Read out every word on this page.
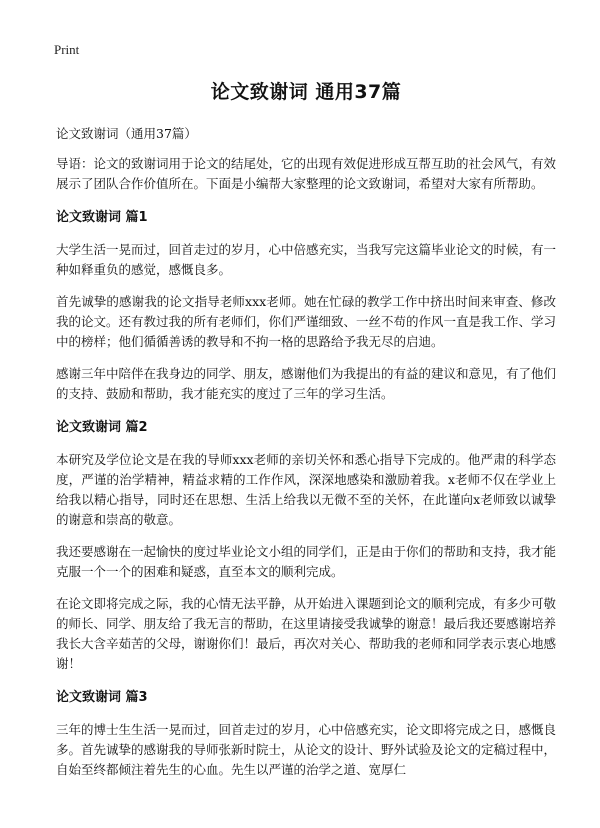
Print
论文致谢词 通用37篇
论文致谢词（通用37篇）

导语：论文的致谢词用于论文的结尾处，它的出现有效促进形成互帮互助的社会风气，有效展示了团队合作价值所在。下面是小编帮大家整理的论文致谢词，希望对大家有所帮助。

论文致谢词 篇1

大学生活一晃而过，回首走过的岁月，心中倍感充实，当我写完这篇毕业论文的时候，有一种如释重负的感觉，感慨良多。

首先诚挚的感谢我的论文指导老师xxx老师。她在忙碌的教学工作中挤出时间来审查、修改我的论文。还有教过我的所有老师们，你们严谨细致、一丝不苟的作风一直是我工作、学习中的榜样；他们循循善诱的教导和不拘一格的思路给予我无尽的启迪。

感谢三年中陪伴在我身边的同学、朋友，感谢他们为我提出的有益的建议和意见，有了他们的支持、鼓励和帮助，我才能充实的度过了三年的学习生活。

论文致谢词 篇2

本研究及学位论文是在我的导师xxx老师的亲切关怀和悉心指导下完成的。他严肃的科学态度，严谨的治学精神，精益求精的工作作风，深深地感染和激励着我。x老师不仅在学业上给我以精心指导，同时还在思想、生活上给我以无微不至的关怀，在此谨向x老师致以诚挚的谢意和崇高的敬意。

我还要感谢在一起愉快的度过毕业论文小组的同学们，正是由于你们的帮助和支持，我才能克服一个一个的困难和疑惑，直至本文的顺利完成。

在论文即将完成之际，我的心情无法平静，从开始进入课题到论文的顺利完成，有多少可敬的师长、同学、朋友给了我无言的帮助，在这里请接受我诚挚的谢意！最后我还要感谢培养我长大含辛茹苦的父母，谢谢你们！最后，再次对关心、帮助我的老师和同学表示衷心地感谢！

论文致谢词 篇3

三年的博士生生活一晃而过，回首走过的岁月，心中倍感充实，论文即将完成之日，感慨良多。首先诚挚的感谢我的导师张新时院士，从论文的设计、野外试验及论文的定稿过程中，自始至终都倾注着先生的心血。先生以严谨的治学之道、宽厚仁
